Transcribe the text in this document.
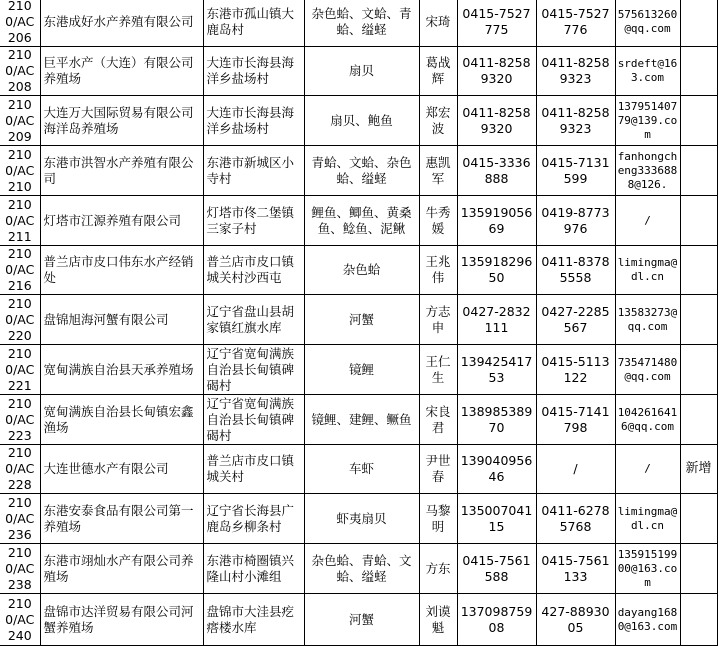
2100/AC206	东港成好水产养殖有限公司	东港市孤山镇大鹿岛村	杂色蛤、文蛤、青蛤、缢蛏	宋琦	0415-7527775	0415-7527776	575613260@qq.com		
2100/AC208	巨平水产（大连）有限公司养殖场	大连市长海县海洋乡盐场村	扇贝	葛战辉	0411-82589320	0411-82589323	srdeft@163.com		
2100/AC209	大连万大国际贸易有限公司海洋岛养殖场	大连市长海县海洋乡盐场村	扇贝、鲍鱼	郑宏波	0411-82589320	0411-82589323	13795140779@139.com		
2100/AC210	东港市洪智水产养殖有限公司	东港市新城区小寺村	青蛤、文蛤、杂色蛤、缢蛏	惠凯军	0415-3336888	0415-7131599	fanhongcheng3336888@126.		
2100/AC211	灯塔市江源养殖有限公司	灯塔市佟二堡镇三家子村	鲤鱼、鲫鱼、黄桑鱼、鲶鱼、泥鳅	牛秀媛	13591905669	0419-8773976	/		
2100/AC216	普兰店市皮口伟东水产经销处	普兰店市皮口镇城关村沙西屯	杂色蛤	王兆伟	13591829650	0411-83785558	limingma@dl.cn		
2100/AC220	盘锦旭海河蟹有限公司	辽宁省盘山县胡家镇红旗水库	河蟹	方志申	0427-2832111	0427-2285567	13583273@qq.com		
2100/AC221	宽甸满族自治县天承养殖场	辽宁省宽甸满族自治县长甸镇碑碣村	镜鲤	王仁生	13942541753	0415-5113122	735471480@qq.com		
2100/AC223	宽甸满族自治县长甸镇宏鑫渔场	辽宁省宽甸满族自治县长甸镇碑碣村	镜鲤、建鲤、鳜鱼	宋良君	13898538970	0415-7141798	1042616416@qq.com		
2100/AC228	大连世德水产有限公司	普兰店市皮口镇城关村	车虾	尹世春	13904095646	/	/	新增	
2100/AC236	东港安泰食品有限公司第一养殖场	辽宁省长海县广鹿岛乡柳条村	虾夷扇贝	马黎明	13500704115	0411-62785768	limingma@dl.cn		
2100/AC238	东港市翊灿水产有限公司养殖场	东港市椅圈镇兴隆山村小滩组	杂色蛤、青蛤、文蛤、缢蛏	方东	0415-7561588	0415-7561133	13591519900@163.com		
2100/AC240	盘锦市达洋贸易有限公司河蟹养殖场	盘锦市大洼县疙瘩楼水库	河蟹	刘谟魁	13709875908	427-8893005	dayang1680@163.com		
